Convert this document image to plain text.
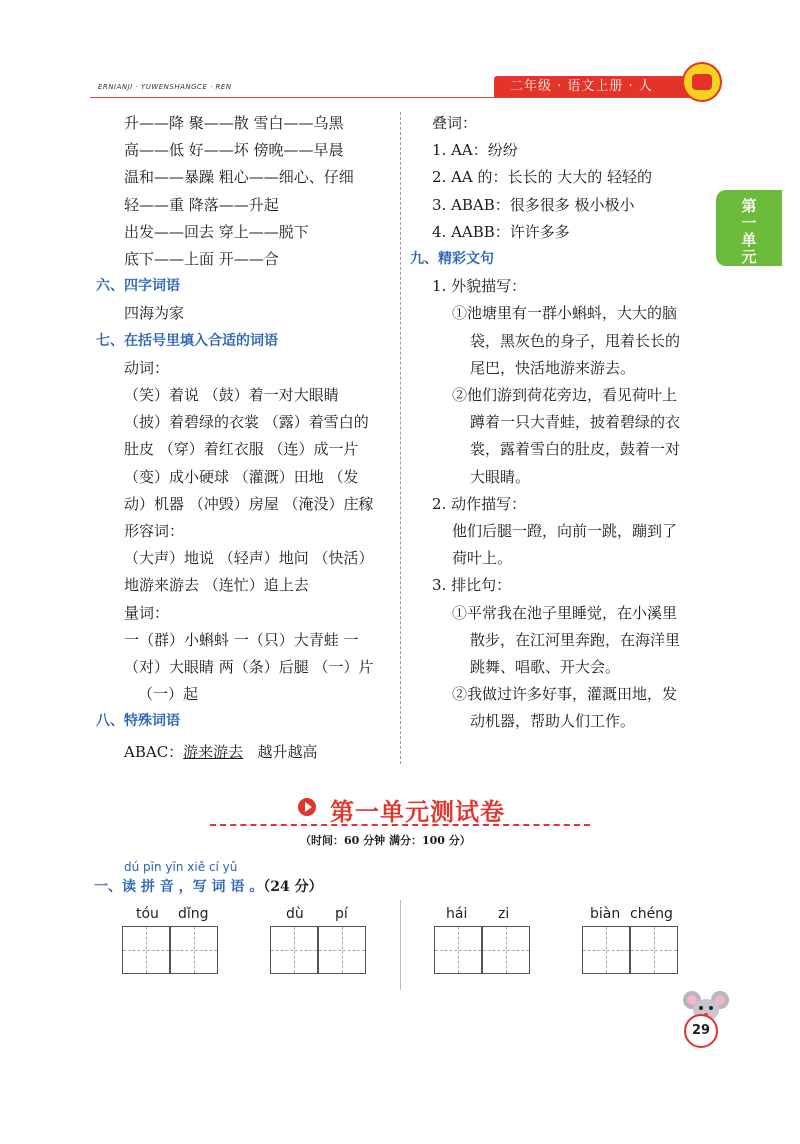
ERNIANJI · YUWENSHANGCE · REN	二年级 · 语文上册 · 人
第
一
单
元
升——降 聚——散 雪白——乌黑
高——低 好——坏 傍晚——早晨
温和——暴躁 粗心——细心、仔细
轻——重 降落——升起
出发——回去 穿上——脱下
底下——上面 开——合
六、四字词语
四海为家
七、在括号里填入合适的词语
动词：
（笑）着说 （鼓）着一对大眼睛
（披）着碧绿的衣裳 （露）着雪白的
肚皮 （穿）着红衣服 （连）成一片
（变）成小硬球 （灌溉）田地 （发
动）机器 （冲毁）房屋 （淹没）庄稼
形容词：
（大声）地说 （轻声）地问 （快活）
地游来游去 （连忙）追上去
量词：
一（群）小蝌蚪 一（只）大青蛙 一
（对）大眼睛 两（条）后腿 （一）片
（一）起
八、特殊词语
ABAC：游来游去 越升越高
叠词：
1. AA：纷纷
2. AA 的：长长的 大大的 轻轻的
3. ABAB：很多很多 极小极小
4. AABB：许许多多
九、精彩文句
1. 外貌描写：
①池塘里有一群小蝌蚪，大大的脑
袋，黑灰色的身子，甩着长长的
尾巴，快活地游来游去。
②他们游到荷花旁边，看见荷叶上
蹲着一只大青蛙，披着碧绿的衣
裳，露着雪白的肚皮，鼓着一对
大眼睛。
2. 动作描写：
他们后腿一蹬，向前一跳，蹦到了
荷叶上。
3. 排比句：
①平常我在池子里睡觉，在小溪里
散步，在江河里奔跑，在海洋里
跳舞、唱歌、开大会。
②我做过许多好事，灌溉田地，发
动机器，帮助人们工作。
第一单元测试卷
（时间：60 分钟 满分：100 分）
dú pīn yīn xiě cí yǔ
一、读 拼 音 ，写 词 语 。（24 分）
tóu dǐng	dù pí	hái zi	biàn chéng
29
